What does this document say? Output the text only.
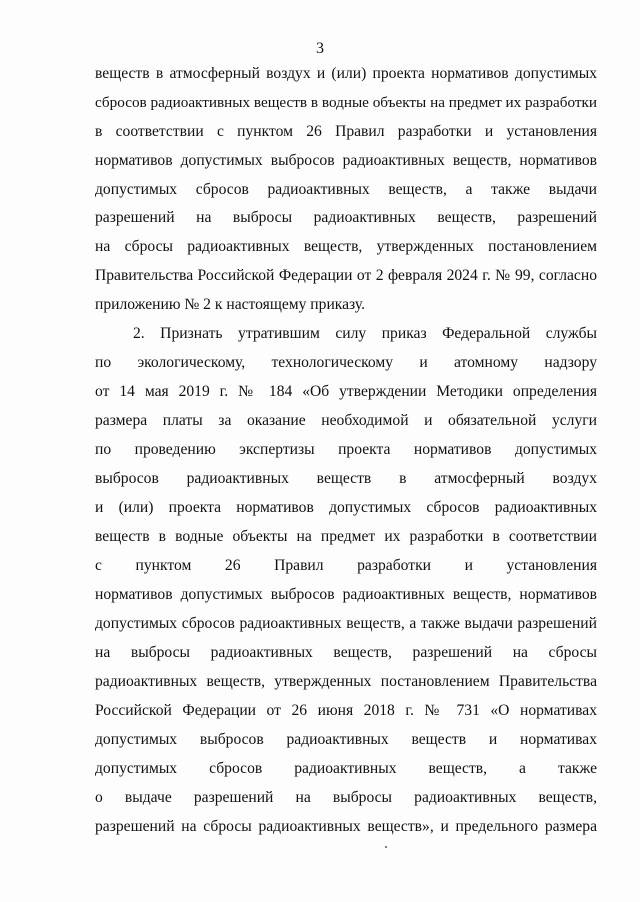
3
веществ в атмосферный воздух и (или) проекта нормативов допустимых
сбросов радиоактивных веществ в водные объекты на предмет их разработки
в соответствии с пунктом 26 Правил разработки и установления
нормативов допустимых выбросов радиоактивных веществ, нормативов
допустимых сбросов радиоактивных веществ, а также выдачи
разрешений на выбросы радиоактивных веществ, разрешений
на сбросы радиоактивных веществ, утвержденных постановлением
Правительства Российской Федерации от 2 февраля 2024 г. № 99, согласно
приложению № 2 к настоящему приказу.
2. Признать утратившим силу приказ Федеральной службы
по экологическому, технологическому и атомному надзору
от 14 мая 2019 г. № 184 «Об утверждении Методики определения
размера платы за оказание необходимой и обязательной услуги
по проведению экспертизы проекта нормативов допустимых
выбросов радиоактивных веществ в атмосферный воздух
и (или) проекта нормативов допустимых сбросов радиоактивных
веществ в водные объекты на предмет их разработки в соответствии
с пунктом 26 Правил разработки и установления
нормативов допустимых выбросов радиоактивных веществ, нормативов
допустимых сбросов радиоактивных веществ, а также выдачи разрешений
на выбросы радиоактивных веществ, разрешений на сбросы
радиоактивных веществ, утвержденных постановлением Правительства
Российской Федерации от 26 июня 2018 г. № 731 «О нормативах
допустимых выбросов радиоактивных веществ и нормативах
допустимых сбросов радиоактивных веществ, а также
о выдаче разрешений на выбросы радиоактивных веществ,
разрешений на сбросы радиоактивных веществ», и предельного размера
